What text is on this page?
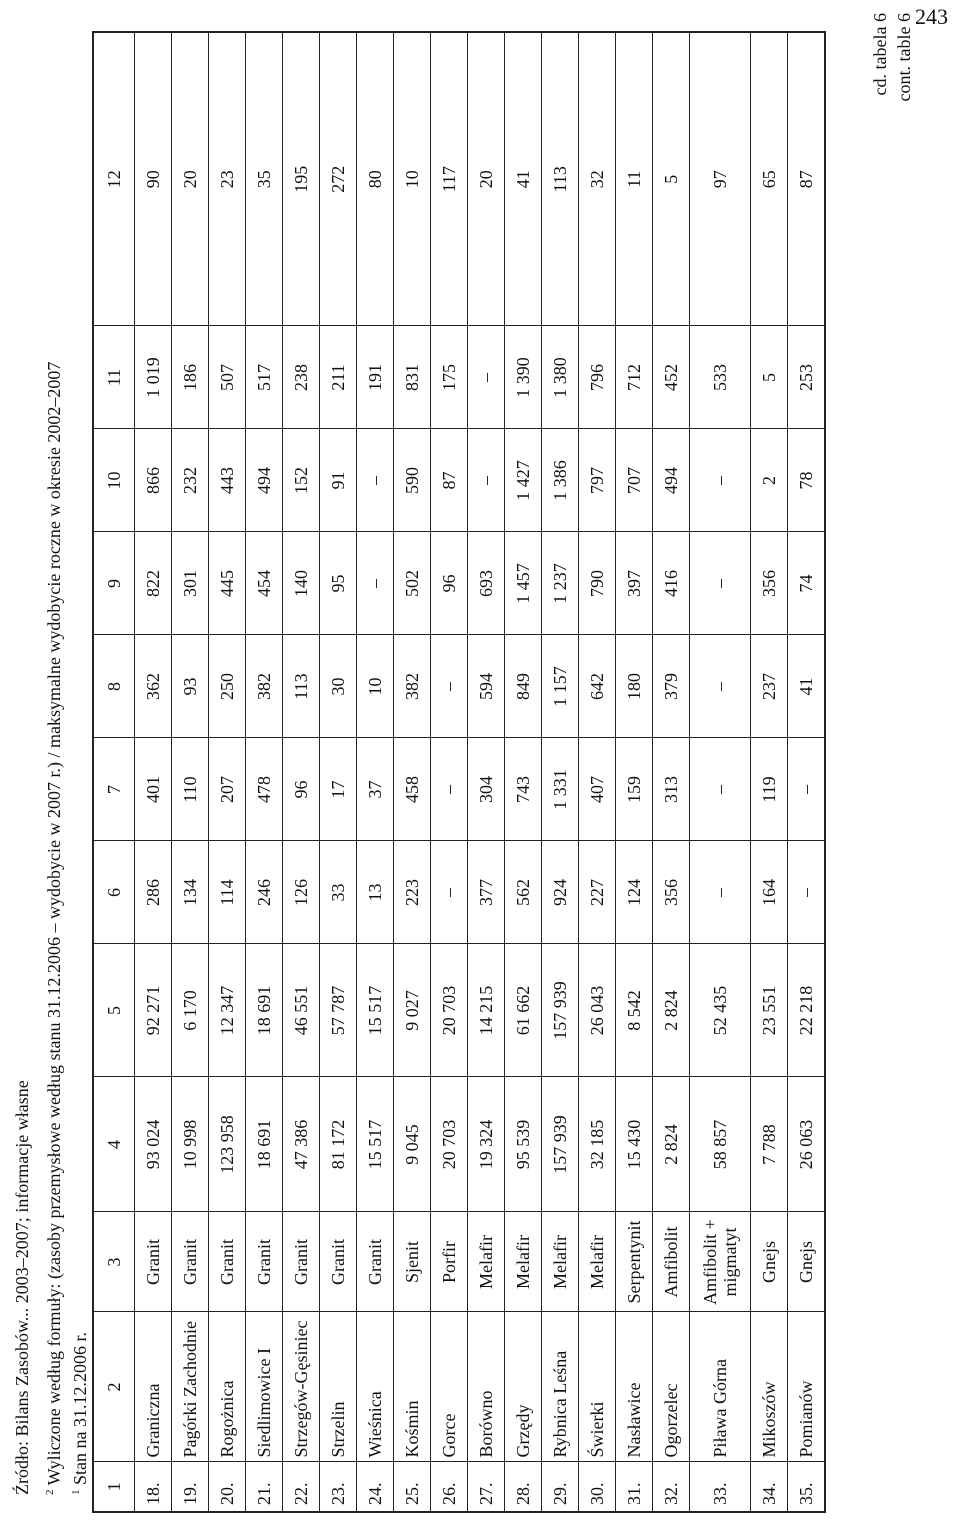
243
cd. tabela 6 cont. table 6
1	2	3	4	5	6	7	8	9	10	11	12
18.	Graniczna	Granit	93 024	92 271	286	401	362	822	866	1 019	90
19.	Pagórki Zachodnie	Granit	10 998	6 170	134	110	93	301	232	186	20
20.	Rogożnica	Granit	123 958	12 347	114	207	250	445	443	507	23
21.	Siedlimowice I	Granit	18 691	18 691	246	478	382	454	494	517	35
22.	Strzegów-Gęsiniec	Granit	47 386	46 551	126	96	113	140	152	238	195
23.	Strzelin	Granit	81 172	57 787	33	17	30	95	91	211	272
24.	Wieśnica	Granit	15 517	15 517	13	37	10	–	–	191	80
25.	Kośmin	Sjenit	9 045	9 027	223	458	382	502	590	831	10
26.	Gorce	Porfir	20 703	20 703	–	–	–	96	87	175	117
27.	Borówno	Melafir	19 324	14 215	377	304	594	693	–	–	20
28.	Grzędy	Melafir	95 539	61 662	562	743	849	1 457	1 427	1 390	41
29.	Rybnica Leśna	Melafir	157 939	157 939	924	1 331	1 157	1 237	1 386	1 380	113
30.	Świerki	Melafir	32 185	26 043	227	407	642	790	797	796	32
31.	Nasławice	Serpentynit	15 430	8 542	124	159	180	397	707	712	11
32.	Ogorzelec	Amfibolit	2 824	2 824	356	313	379	416	494	452	5
33.	Piława Górna	Amfibolit + migmatyt	58 857	52 435	–	–	–	–	–	533	97
34.	Mikoszów	Gnejs	7 788	23 551	164	119	237	356	2	5	65
35.	Pomianów	Gnejs	26 063	22 218	–	–	41	74	78	253	87
$^1$ Stan na 31.12.2006 r.
$^2$ Wyliczone według formuły: (zasoby przemysłowe według stanu 31.12.2006 – wydobycie w 2007 r.) / maksymalne wydobycie roczne w okresie 2002–2007
Źródło: Bilans Zasobów... 2003–2007; informacje własne
